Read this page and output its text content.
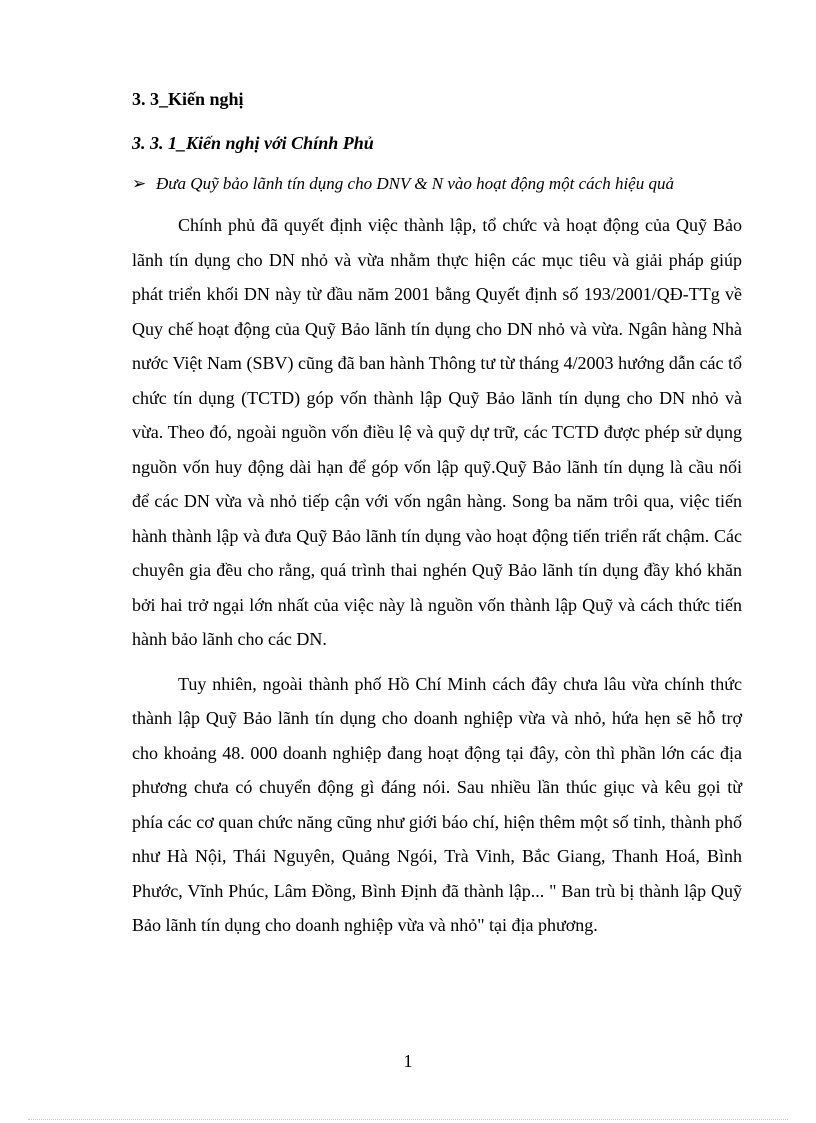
3. 3_Kiến nghị
3. 3. 1_Kiến nghị với Chính Phủ
➢ Đưa Quỹ bảo lãnh tín dụng cho DNV & N vào hoạt động một cách hiệu quả

Chính phủ đã quyết định việc thành lập, tổ chức và hoạt động của Quỹ Bảo lãnh tín dụng cho DN nhỏ và vừa nhằm thực hiện các mục tiêu và giải pháp giúp phát triển khối DN này từ đầu năm 2001 bằng Quyết định số 193/2001/QĐ-TTg về Quy chế hoạt động của Quỹ Bảo lãnh tín dụng cho DN nhỏ và vừa. Ngân hàng Nhà nước Việt Nam (SBV) cũng đã ban hành Thông tư từ tháng 4/2003 hướng dẫn các tổ chức tín dụng (TCTD) góp vốn thành lập Quỹ Bảo lãnh tín dụng cho DN nhỏ và vừa. Theo đó, ngoài nguồn vốn điều lệ và quỹ dự trữ, các TCTD được phép sử dụng nguồn vốn huy động dài hạn để góp vốn lập quỹ.Quỹ Bảo lãnh tín dụng là cầu nối để các DN vừa và nhỏ tiếp cận với vốn ngân hàng. Song ba năm trôi qua, việc tiến hành thành lập và đưa Quỹ Bảo lãnh tín dụng vào hoạt động tiến triển rất chậm. Các chuyên gia đều cho rằng, quá trình thai nghén Quỹ Bảo lãnh tín dụng đầy khó khăn bởi hai trở ngại lớn nhất của việc này là nguồn vốn thành lập Quỹ và cách thức tiến hành bảo lãnh cho các DN.

Tuy nhiên, ngoài thành phố Hồ Chí Minh cách đây chưa lâu vừa chính thức thành lập Quỹ Bảo lãnh tín dụng cho doanh nghiệp vừa và nhỏ, hứa hẹn sẽ hỗ trợ cho khoảng 48. 000 doanh nghiệp đang hoạt động tại đây, còn thì phần lớn các địa phương chưa có chuyển động gì đáng nói. Sau nhiều lần thúc giục và kêu gọi từ phía các cơ quan chức năng cũng như giới báo chí, hiện thêm một số tỉnh, thành phố như Hà Nội, Thái Nguyên, Quảng Ngói, Trà Vinh, Bắc Giang, Thanh Hoá, Bình Phước, Vĩnh Phúc, Lâm Đồng, Bình Định đã thành lập... " Ban trù bị thành lập Quỹ Bảo lãnh tín dụng cho doanh nghiệp vừa và nhỏ" tại địa phương.

1
